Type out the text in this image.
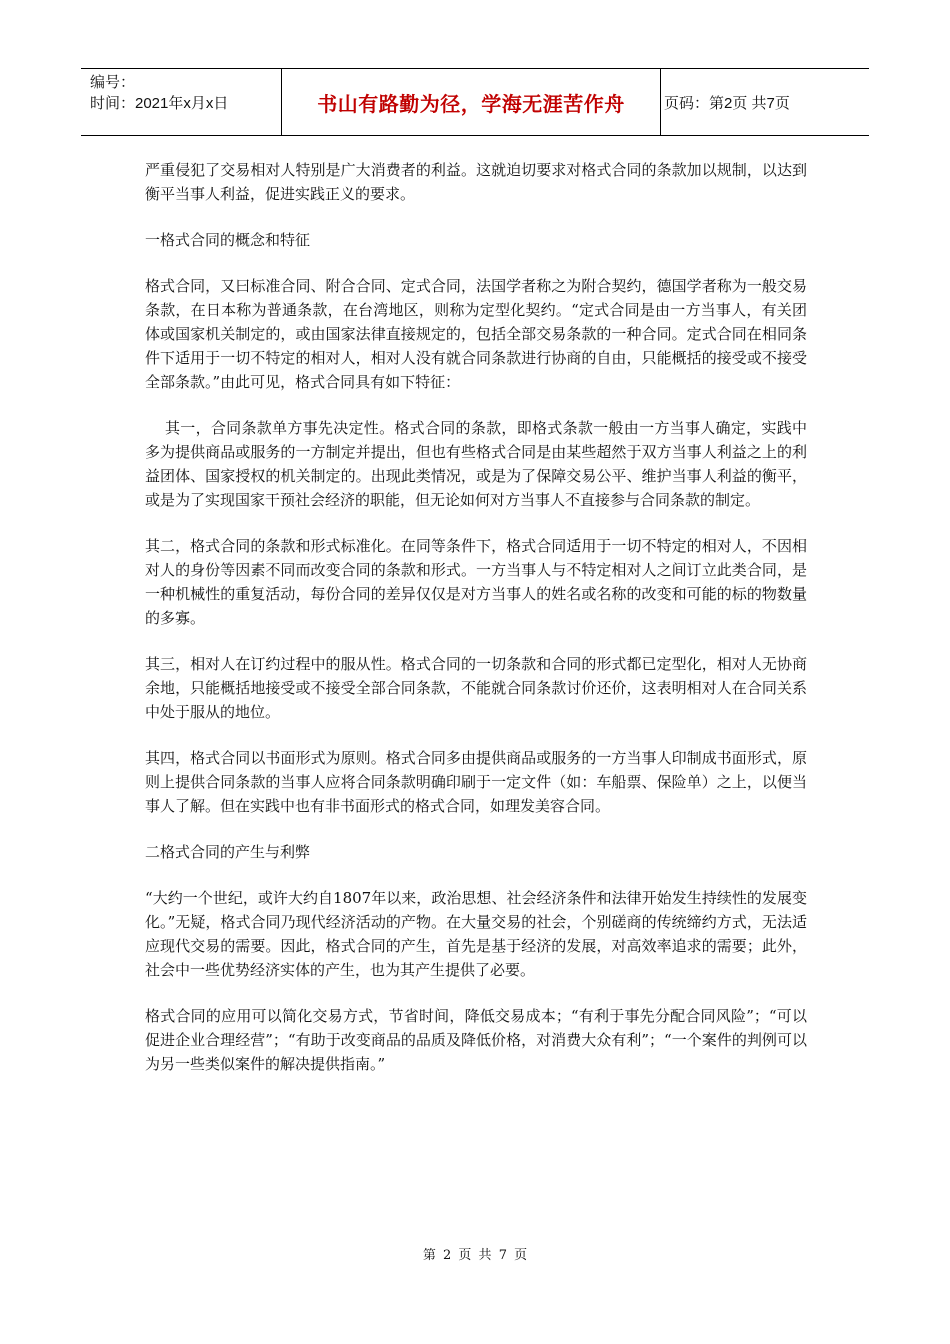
编号：
时间：2021年x月x日	书山有路勤为径，学海无涯苦作舟	页码：第2页 共7页

严重侵犯了交易相对人特别是广大消费者的利益。这就迫切要求对格式合同的条款加以规制，以达到衡平当事人利益，促进实践正义的要求。

一格式合同的概念和特征

格式合同，又曰标准合同、附合合同、定式合同，法国学者称之为附合契约，德国学者称为一般交易条款，在日本称为普通条款，在台湾地区，则称为定型化契约。“定式合同是由一方当事人，有关团体或国家机关制定的，或由国家法律直接规定的，包括全部交易条款的一种合同。定式合同在相同条件下适用于一切不特定的相对人，相对人没有就合同条款进行协商的自由，只能概括的接受或不接受全部条款。”由此可见，格式合同具有如下特征：

其一，合同条款单方事先决定性。格式合同的条款，即格式条款一般由一方当事人确定，实践中多为提供商品或服务的一方制定并提出，但也有些格式合同是由某些超然于双方当事人利益之上的利益团体、国家授权的机关制定的。出现此类情况，或是为了保障交易公平、维护当事人利益的衡平，或是为了实现国家干预社会经济的职能，但无论如何对方当事人不直接参与合同条款的制定。

其二，格式合同的条款和形式标准化。在同等条件下，格式合同适用于一切不特定的相对人，不因相对人的身份等因素不同而改变合同的条款和形式。一方当事人与不特定相对人之间订立此类合同，是一种机械性的重复活动，每份合同的差异仅仅是对方当事人的姓名或名称的改变和可能的标的物数量的多寡。

其三，相对人在订约过程中的服从性。格式合同的一切条款和合同的形式都已定型化，相对人无协商余地，只能概括地接受或不接受全部合同条款，不能就合同条款讨价还价，这表明相对人在合同关系中处于服从的地位。

其四，格式合同以书面形式为原则。格式合同多由提供商品或服务的一方当事人印制成书面形式，原则上提供合同条款的当事人应将合同条款明确印刷于一定文件（如：车船票、保险单）之上，以便当事人了解。但在实践中也有非书面形式的格式合同，如理发美容合同。

二格式合同的产生与利弊

“大约一个世纪，或许大约自1807年以来，政治思想、社会经济条件和法律开始发生持续性的发展变化。”无疑，格式合同乃现代经济活动的产物。在大量交易的社会，个别磋商的传统缔约方式，无法适应现代交易的需要。因此，格式合同的产生，首先是基于经济的发展，对高效率追求的需要；此外，社会中一些优势经济实体的产生，也为其产生提供了必要。

格式合同的应用可以简化交易方式，节省时间，降低交易成本；“有利于事先分配合同风险”；“可以促进企业合理经营”；“有助于改变商品的品质及降低价格，对消费大众有利”；“一个案件的判例可以为另一些类似案件的解决提供指南。”

第 2 页 共 7 页
